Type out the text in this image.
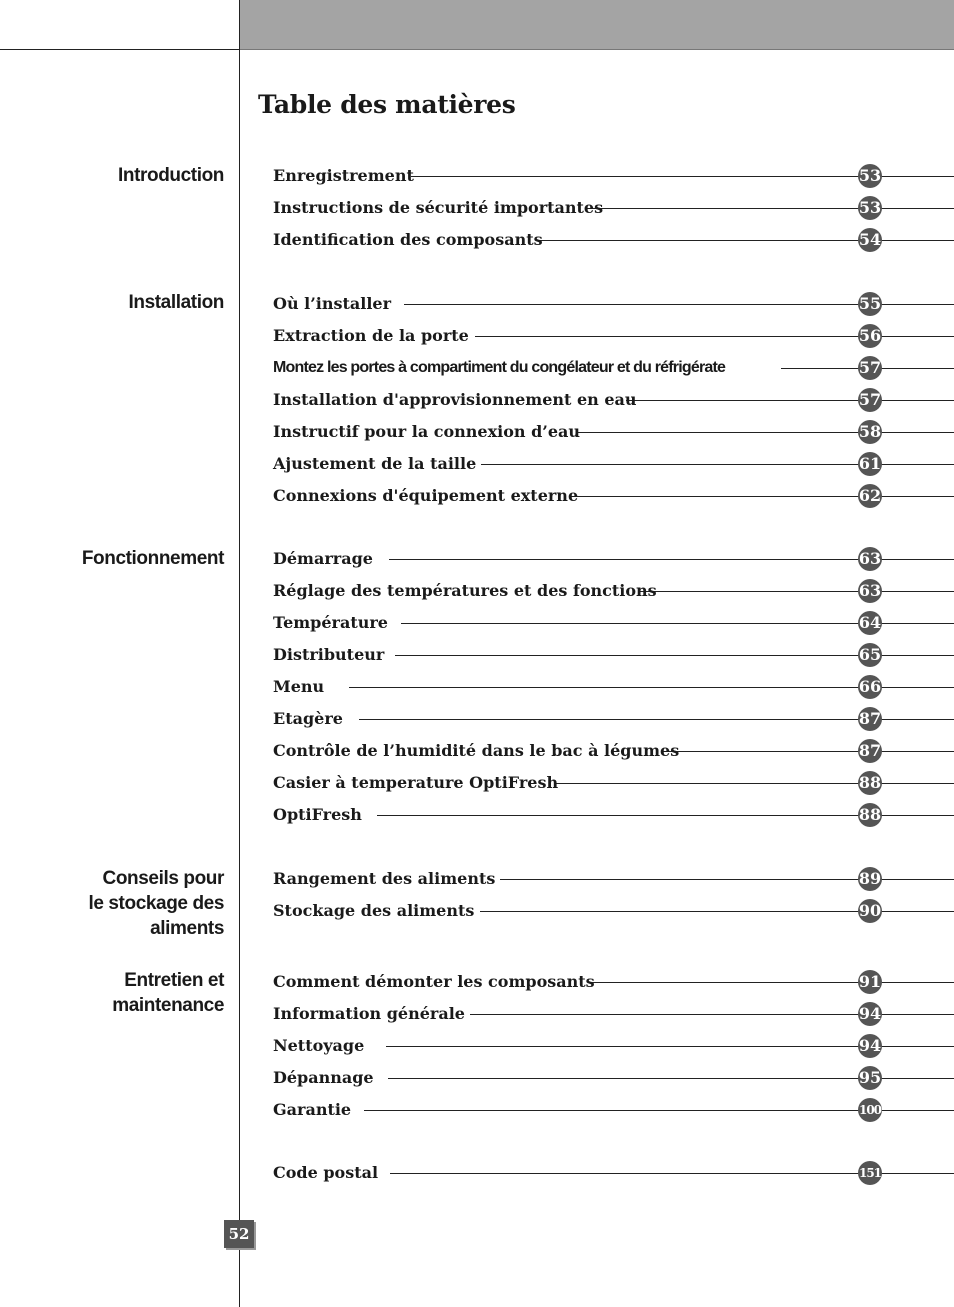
Table des matières
Introduction	Enregistrement	53
Instructions de sécurité importantes	53
Identification des composants	54
Installation	Où l’installer	55
Extraction de la porte	56
Montez les portes à compartiment du congélateur et du réfrigérate	57
Installation d'approvisionnement en eau	57
Instructif pour la connexion d’eau	58
Ajustement de la taille	61
Connexions d'équipement externe	62
Fonctionnement	Démarrage	63
Réglage des températures et des fonctions	63
Température	64
Distributeur	65
Menu	66
Etagère	87
Contrôle de l’humidité dans le bac à légumes	87
Casier à temperature OptiFresh	88
OptiFresh	88
Conseils pour
le stockage des
aliments
Rangement des aliments	89
Stockage des aliments	90
Entretien et
maintenance
Comment démonter les composants	91
Information générale	94
Nettoyage	94
Dépannage	95
Garantie	100
Code postal	151
52
